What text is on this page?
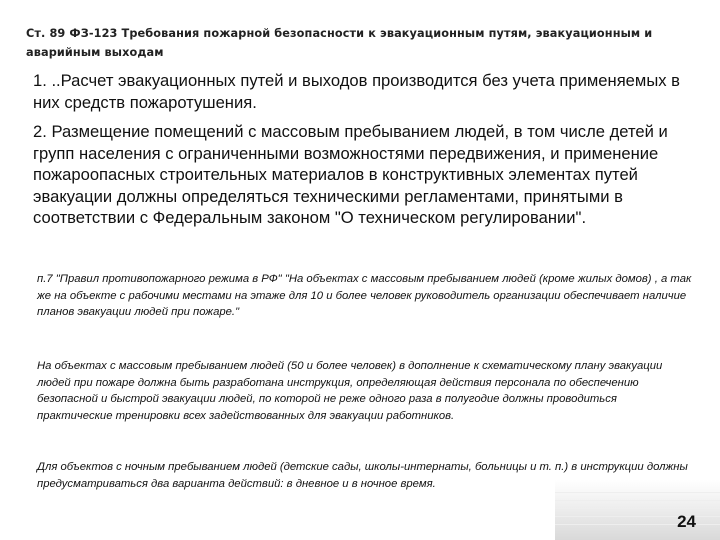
Ст. 89 ФЗ-123 Требования пожарной безопасности к эвакуационным путям, эвакуационным и аварийным выходам
1. ..Расчет эвакуационных путей и выходов производится без учета применяемых в них средств пожаротушения.
2. Размещение помещений с массовым пребыванием людей, в том числе детей и групп населения с ограниченными возможностями передвижения, и применение пожароопасных строительных материалов в конструктивных элементах путей эвакуации должны определяться техническими регламентами, принятыми в соответствии с Федеральным законом "О техническом регулировании".
п.7 "Правил противопожарного режима в РФ" "На объектах с массовым пребыванием людей (кроме жилых домов) , а так же на объекте с рабочими местами на этаже для 10 и более человек руководитель организации обеспечивает наличие планов эвакуации людей при пожаре."
На объектах с массовым пребыванием людей (50 и более человек) в дополнение к схематическому плану эвакуации людей при пожаре должна быть разработана инструкция, определяющая действия персонала по обеспечению безопасной и быстрой эвакуации людей, по которой не реже одного раза в полугодие должны проводиться практические тренировки всех задействованных для эвакуации работников.
Для объектов с ночным пребыванием людей (детские сады, школы-интернаты, больницы и т. п.) в инструкции должны предусматриваться два варианта действий: в дневное и в ночное время.
24
